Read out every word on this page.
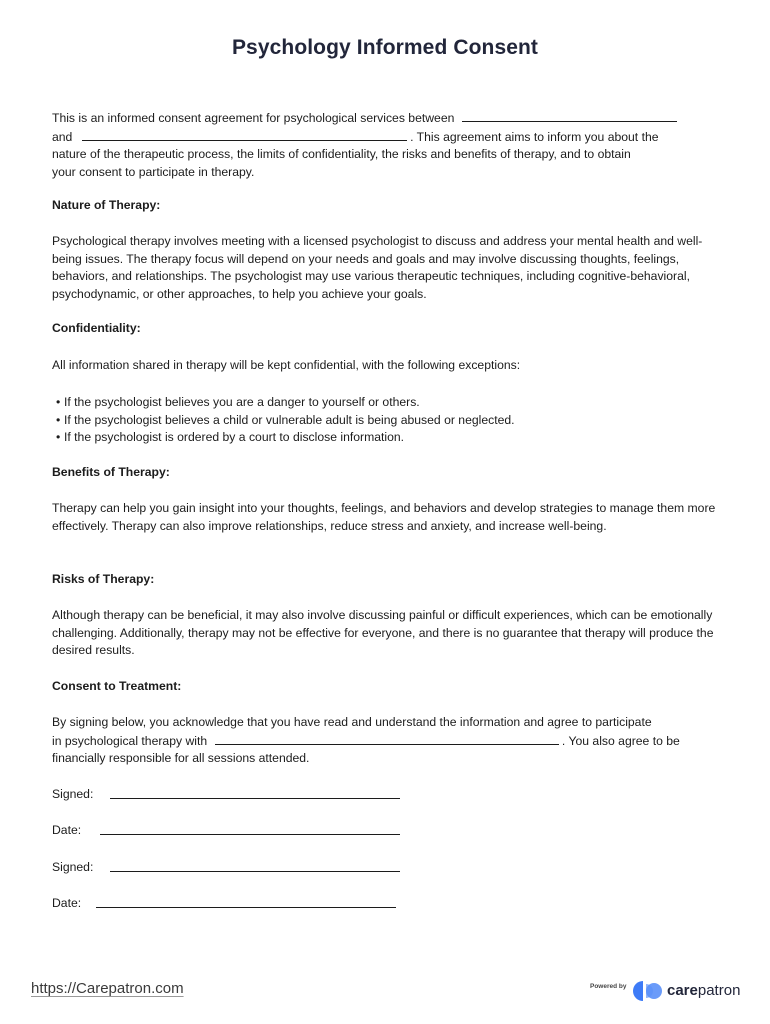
Psychology Informed Consent
This is an informed consent agreement for psychological services between
and	. This agreement aims to inform you about the
nature of the therapeutic process, the limits of confidentiality, the risks and benefits of therapy, and to obtain
your consent to participate in therapy.
Nature of Therapy:
Psychological therapy involves meeting with a licensed psychologist to discuss and address your mental health and well-being issues. The therapy focus will depend on your needs and goals and may involve discussing thoughts, feelings, behaviors, and relationships. The psychologist may use various therapeutic techniques, including cognitive-behavioral, psychodynamic, or other approaches, to help you achieve your goals.
Confidentiality:
All information shared in therapy will be kept confidential, with the following exceptions:
• If the psychologist believes you are a danger to yourself or others.
• If the psychologist believes a child or vulnerable adult is being abused or neglected.
• If the psychologist is ordered by a court to disclose information.
Benefits of Therapy:
Therapy can help you gain insight into your thoughts, feelings, and behaviors and develop strategies to manage them more effectively. Therapy can also improve relationships, reduce stress and anxiety, and increase well-being.
Risks of Therapy:
Although therapy can be beneficial, it may also involve discussing painful or difficult experiences, which can be emotionally challenging. Additionally, therapy may not be effective for everyone, and there is no guarantee that therapy will produce the desired results.
Consent to Treatment:
By signing below, you acknowledge that you have read and understand the information and agree to participate
in psychological therapy with	. You also agree to be
financially responsible for all sessions attended.
Signed:
Date:
Signed:
Date:
https://Carepatron.com	Powered by	carepatron
